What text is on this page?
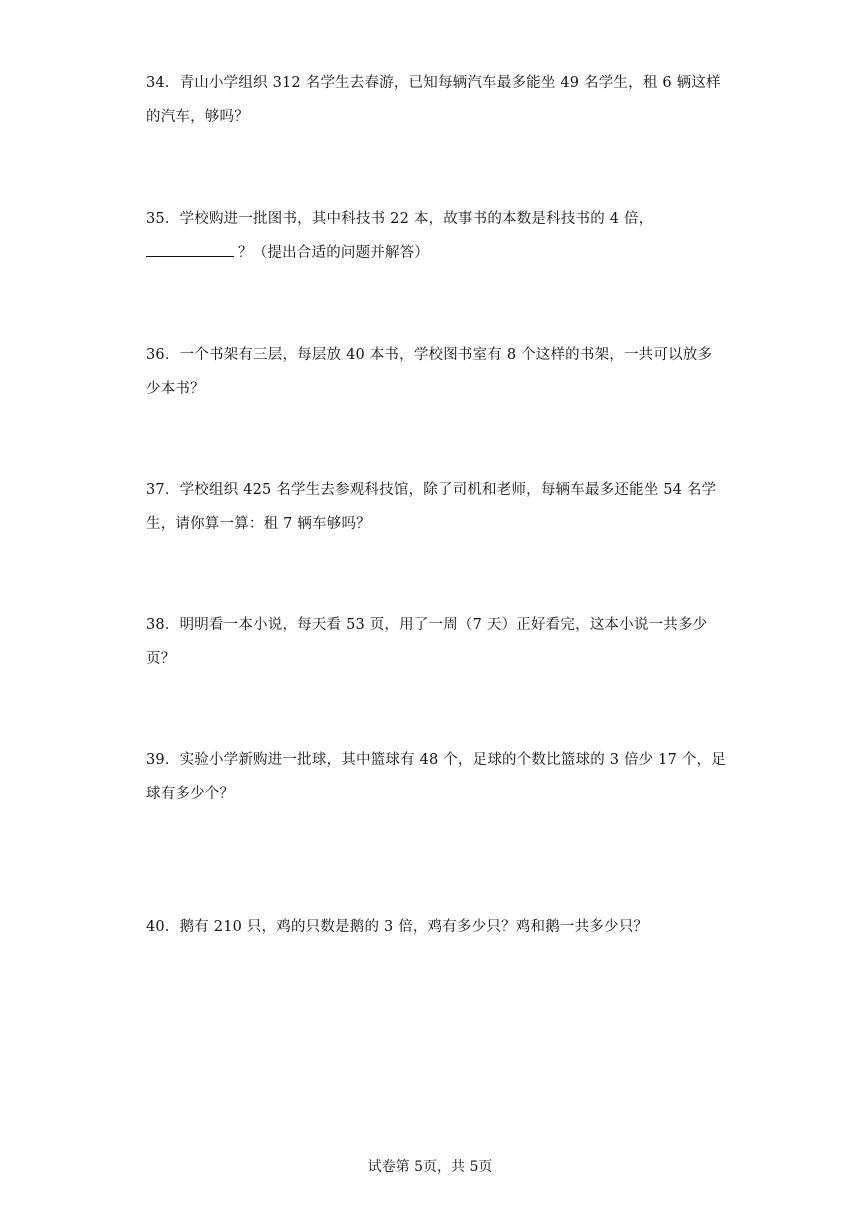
34．青山小学组织 312 名学生去春游，已知每辆汽车最多能坐 49 名学生，租 6 辆这样
的汽车，够吗？
35．学校购进一批图书，其中科技书 22 本，故事书的本数是科技书的 4 倍，
？（提出合适的问题并解答）
36．一个书架有三层，每层放 40 本书，学校图书室有 8 个这样的书架，一共可以放多
少本书？
37．学校组织 425 名学生去参观科技馆，除了司机和老师，每辆车最多还能坐 54 名学
生，请你算一算：租 7 辆车够吗？
38．明明看一本小说，每天看 53 页，用了一周（7 天）正好看完，这本小说一共多少
页？
39．实验小学新购进一批球，其中篮球有 48 个，足球的个数比篮球的 3 倍少 17 个，足
球有多少个？
40．鹅有 210 只，鸡的只数是鹅的 3 倍，鸡有多少只？鸡和鹅一共多少只？
试卷第 5页，共 5页
